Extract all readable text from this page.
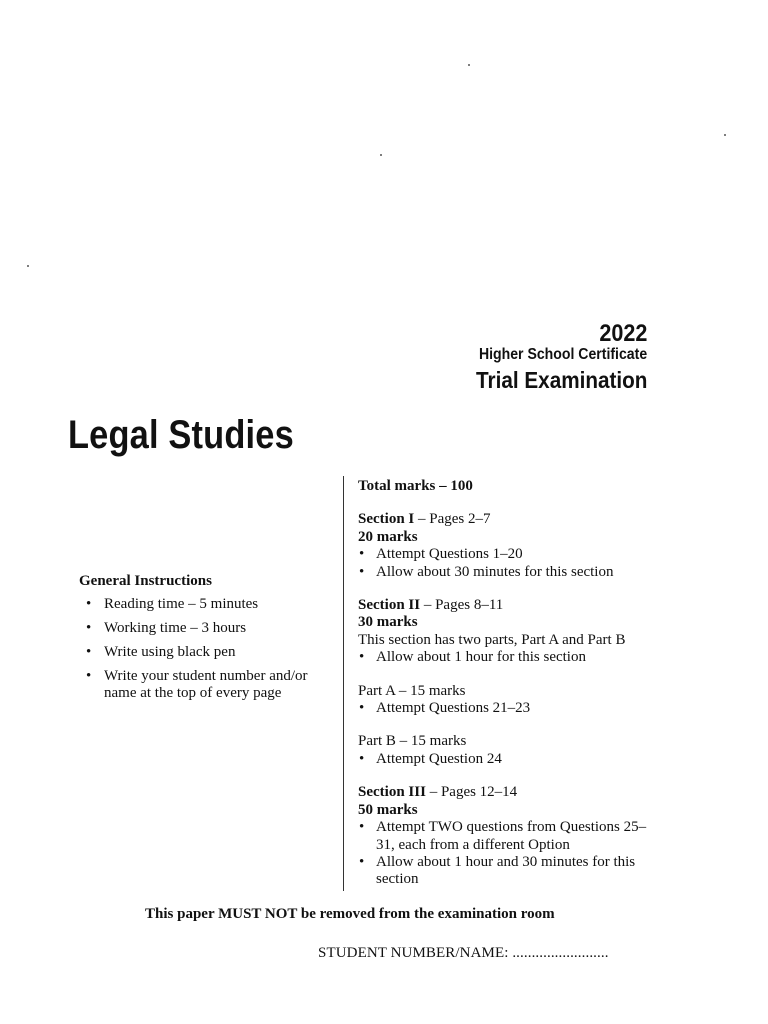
2022
Higher School Certificate
Trial Examination
Legal Studies
General Instructions
• Reading time – 5 minutes
• Working time – 3 hours
• Write using black pen
• Write your student number and/or name at the top of every page
Total marks – 100
Section I – Pages 2–7
20 marks
• Attempt Questions 1–20
• Allow about 30 minutes for this section
Section II – Pages 8–11
30 marks
This section has two parts, Part A and Part B
• Allow about 1 hour for this section
Part A – 15 marks
• Attempt Questions 21–23
Part B – 15 marks
• Attempt Question 24
Section III – Pages 12–14
50 marks
• Attempt TWO questions from Questions 25–31, each from a different Option
• Allow about 1 hour and 30 minutes for this section
This paper MUST NOT be removed from the examination room
STUDENT NUMBER/NAME: .........................
